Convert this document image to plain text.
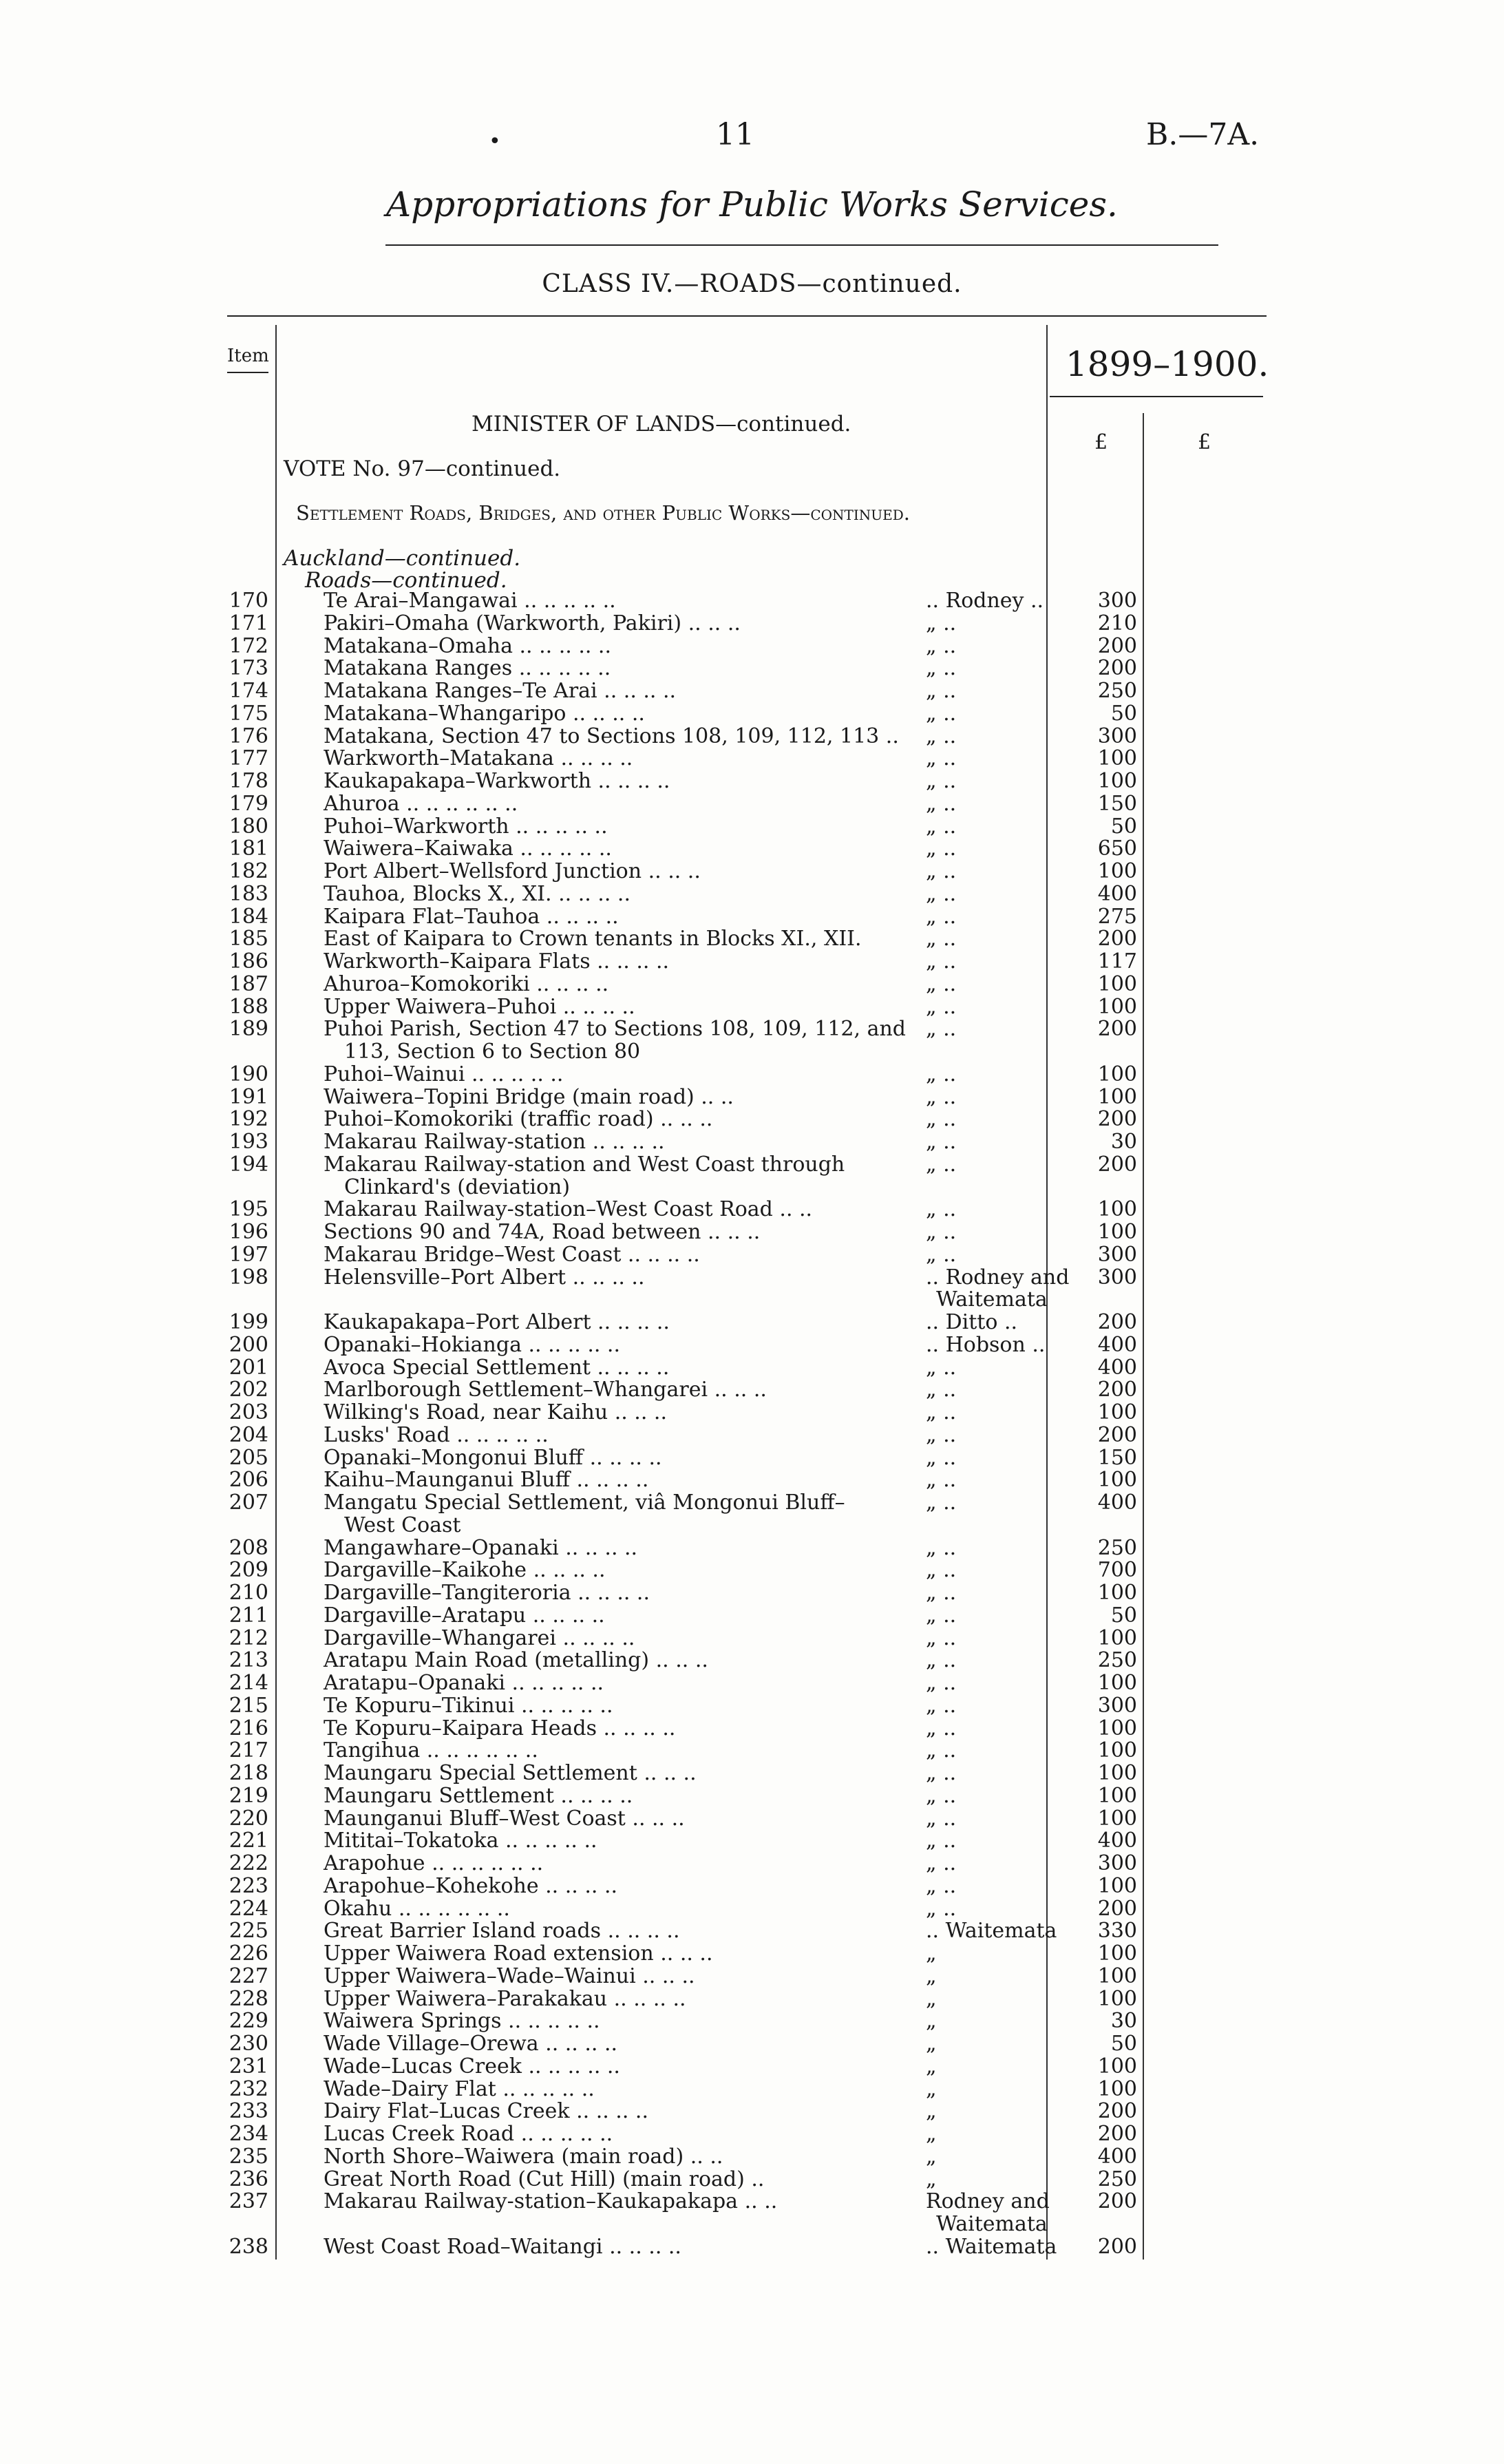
•	11	B.—7A.
Appropriations for Public Works Services.
CLASS IV.—ROADS—continued.
Item	1899–1900.
£	£
MINISTER OF LANDS—continued.
VOTE No. 97—continued.
Settlement Roads, Bridges, and other Public Works—continued.
Auckland—continued.
Roads—continued.
170	Te Arai–Mangawai .. .. .. .. ..	.. Rodney ..	300
171	Pakiri–Omaha (Warkworth, Pakiri) .. .. ..	„ ..	210
172	Matakana–Omaha .. .. .. .. ..	„ ..	200
173	Matakana Ranges .. .. .. .. ..	„ ..	200
174	Matakana Ranges–Te Arai .. .. .. ..	„ ..	250
175	Matakana–Whangaripo .. .. .. ..	„ ..	50
176	Matakana, Section 47 to Sections 108, 109, 112, 113 .. „ ..	300
177	Warkworth–Matakana .. .. .. ..	„ ..	100
178	Kaukapakapa–Warkworth .. .. .. ..	„ ..	100
179	Ahuroa .. .. .. .. .. ..	„ ..	150
180	Puhoi–Warkworth .. .. .. .. ..	„ ..	50
181	Waiwera–Kaiwaka .. .. .. .. ..	„ ..	650
182	Port Albert–Wellsford Junction .. .. ..	„ ..	100
183	Tauhoa, Blocks X., XI. .. .. .. ..	„ ..	400
184	Kaipara Flat–Tauhoa .. .. .. ..	„ ..	275
185	East of Kaipara to Crown tenants in Blocks XI., XII.	„ ..	200
186	Warkworth–Kaipara Flats .. .. .. ..	„ ..	117
187	Ahuroa–Komokoriki .. .. .. ..	„ ..	100
188	Upper Waiwera–Puhoi .. .. .. ..	„ ..	100
189	Puhoi Parish, Section 47 to Sections 108, 109, 112, and „ ..	200
113, Section 6 to Section 80
190	Puhoi–Wainui .. .. .. .. ..	„ ..	100
191	Waiwera–Topini Bridge (main road) .. ..	„ ..	100
192	Puhoi–Komokoriki (traffic road) .. .. ..	„ ..	200
193	Makarau Railway-station .. .. .. ..	„ ..	30
194	Makarau Railway-station and West Coast through	„ ..	200
Clinkard's (deviation)
195	Makarau Railway-station–West Coast Road .. ..	„ ..	100
196	Sections 90 and 74A, Road between .. .. ..	„ ..	100
197	Makarau Bridge–West Coast .. .. .. ..	„ ..	300
198	Helensville–Port Albert .. .. .. ..	.. Rodney and	300
Waitemata
199	Kaukapakapa–Port Albert .. .. .. ..	.. Ditto ..	200
200	Opanaki–Hokianga .. .. .. .. ..	.. Hobson ..	400
201	Avoca Special Settlement .. .. .. ..	„ ..	400
202	Marlborough Settlement–Whangarei .. .. ..	„ ..	200
203	Wilking's Road, near Kaihu .. .. ..	„ ..	100
204	Lusks' Road .. .. .. .. ..	„ ..	200
205	Opanaki–Mongonui Bluff .. .. .. ..	„ ..	150
206	Kaihu–Maunganui Bluff .. .. .. ..	„ ..	100
207	Mangatu Special Settlement, viâ Mongonui Bluff–	„ ..	400
West Coast
208	Mangawhare–Opanaki .. .. .. ..	„ ..	250
209	Dargaville–Kaikohe .. .. .. ..	„ ..	700
210	Dargaville–Tangiteroria .. .. .. ..	„ ..	100
211	Dargaville–Aratapu .. .. .. ..	„ ..	50
212	Dargaville–Whangarei .. .. .. ..	„ ..	100
213	Aratapu Main Road (metalling) .. .. ..	„ ..	250
214	Aratapu–Opanaki .. .. .. .. ..	„ ..	100
215	Te Kopuru–Tikinui .. .. .. .. ..	„ ..	300
216	Te Kopuru–Kaipara Heads .. .. .. ..	„ ..	100
217	Tangihua .. .. .. .. .. ..	„ ..	100
218	Maungaru Special Settlement .. .. ..	„ ..	100
219	Maungaru Settlement .. .. .. ..	„ ..	100
220	Maunganui Bluff–West Coast .. .. ..	„ ..	100
221	Mititai–Tokatoka .. .. .. .. ..	„ ..	400
222	Arapohue .. .. .. .. .. ..	„ ..	300
223	Arapohue–Kohekohe .. .. .. ..	„ ..	100
224	Okahu .. .. .. .. .. ..	„ ..	200
225	Great Barrier Island roads .. .. .. ..	.. Waitemata	330
226	Upper Waiwera Road extension .. .. ..	„	100
227	Upper Waiwera–Wade–Wainui .. .. ..	„	100
228	Upper Waiwera–Parakakau .. .. .. ..	„	100
229	Waiwera Springs .. .. .. .. ..	„	30
230	Wade Village–Orewa .. .. .. ..	„	50
231	Wade–Lucas Creek .. .. .. .. ..	„	100
232	Wade–Dairy Flat .. .. .. .. ..	„	100
233	Dairy Flat–Lucas Creek .. .. .. ..	„	200
234	Lucas Creek Road .. .. .. .. ..	„	200
235	North Shore–Waiwera (main road) .. ..	„	400
236	Great North Road (Cut Hill) (main road) ..	„	250
237	Makarau Railway-station–Kaukapakapa .. ..	Rodney and	200
Waitemata
238	West Coast Road–Waitangi .. .. .. ..	.. Waitemata	200
